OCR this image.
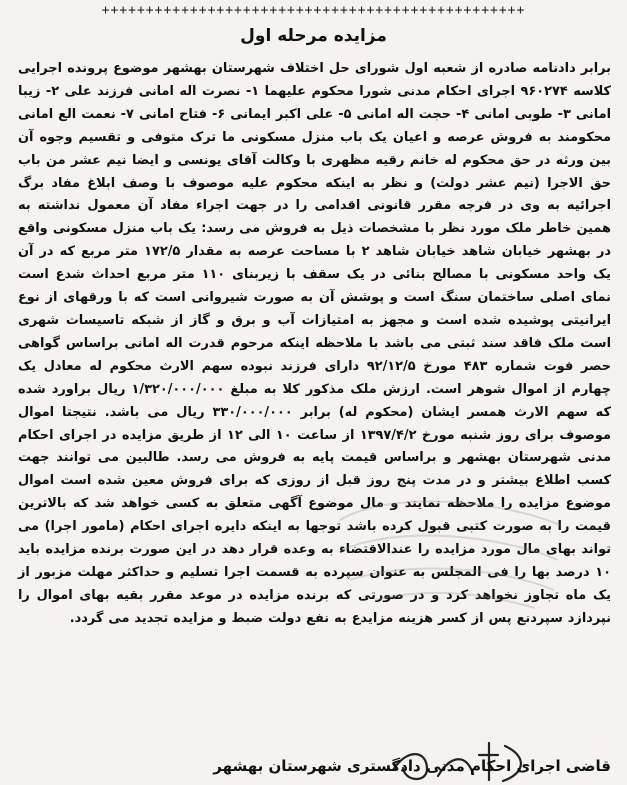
++++++++++++++++++++++++++++++++++++++++++++++++
مزایده مرحله اول
برابر دادنامه صادره از شعبه اول شورای حل اختلاف شهرستان بهشهر موضوع پرونده اجرایی کلاسه ۹۶۰۲۷۴ اجرای احکام مدنی شورا محکوم علیهما ۱- نصرت اله امانی فرزند علی ۲- زیبا امانی ۳- طوبی امانی ۴- حجت اله امانی ۵- علی اکبر ایمانی ۶- فتاح امانی ۷- نعمت الع امانی محکومند به فروش عرصه و اعیان یک باب منزل مسکونی ما ترک متوفی و تقسیم وجوه آن بین ورثه در حق محکوم له خانم رقیه مظهری با وکالت آقای یونسی و ایضا نیم عشر من باب حق الاجرا (نیم عشر دولت) و نظر به اینکه محکوم علیه موصوف با وصف ابلاغ مفاد برگ اجرائیه به وی در فرجه مقرر قانونی اقدامی را در جهت اجراء مفاد آن معمول نداشته به همین خاطر ملک مورد نظر با مشخصات ذیل به فروش می رسد: یک باب منزل مسکونی واقع در بهشهر خیابان شاهد خیابان شاهد ۲ با مساحت عرصه به مقدار ۱۷۲/۵ متر مربع که در آن یک واحد مسکونی با مصالح بنائی در یک سقف با زیربنای ۱۱۰ متر مربع احداث شدع است نمای اصلی ساختمان سنگ است و پوشش آن به صورت شیروانی است که با ورقهای از نوع ایرانیتی پوشیده شده است و مجهز به امتیازات آب و برق و گاز از شبکه تاسیسات شهری است ملک فاقد سند ثبتی می باشد با ملاحظه اینکه مرحوم قدرت اله امانی براساس گواهی حصر فوت شماره ۴۸۳ مورخ ۹۲/۱۲/۵ دارای فرزند نبوده سهم الارث محکوم له معادل یک چهارم از اموال شوهر است. ارزش ملک مذکور کلا به مبلغ ۱/۳۲۰/۰۰۰/۰۰۰ ریال براورد شده که سهم الارث همسر ایشان (محکوم له) برابر ۳۳۰/۰۰۰/۰۰۰ ریال می باشد. نتیجتا اموال موصوف برای روز شنبه مورخ ۱۳۹۷/۴/۲ از ساعت ۱۰ الی ۱۲ از طریق مزایده در اجرای احکام مدنی شهرستان بهشهر و براساس قیمت پایه به فروش می رسد. طالبین می توانند جهت کسب اطلاع بیشتر و در مدت پنج روز قبل از روزی که برای فروش معین شده است اموال موضوع مزایده را ملاحظه نمایند و مال موضوع آگهی متعلق به کسی خواهد شد که بالاترین قیمت را به صورت کتبی قبول کرده باشد توجها به اینکه دایره اجرای احکام (مامور اجرا) می تواند بهای مال مورد مزایده را عندالاقتضاء به وعده قرار دهد در این صورت برنده مزایده باید ۱۰ درصد بها را فی المجلس به عنوان سپرده به قسمت اجرا تسلیم و حداکثر مهلت مزبور از یک ماه تجاوز نخواهد کرد و در صورتی که برنده مزایده در موعد مقرر بقیه بهای اموال را نپردازد سپردنع پس از کسر هزینه مزایدع به نفع دولت ضبط و مزایده تجدید می گردد.
قاضی اجرای احکام مدنی دادگستری شهرستان بهشهر
